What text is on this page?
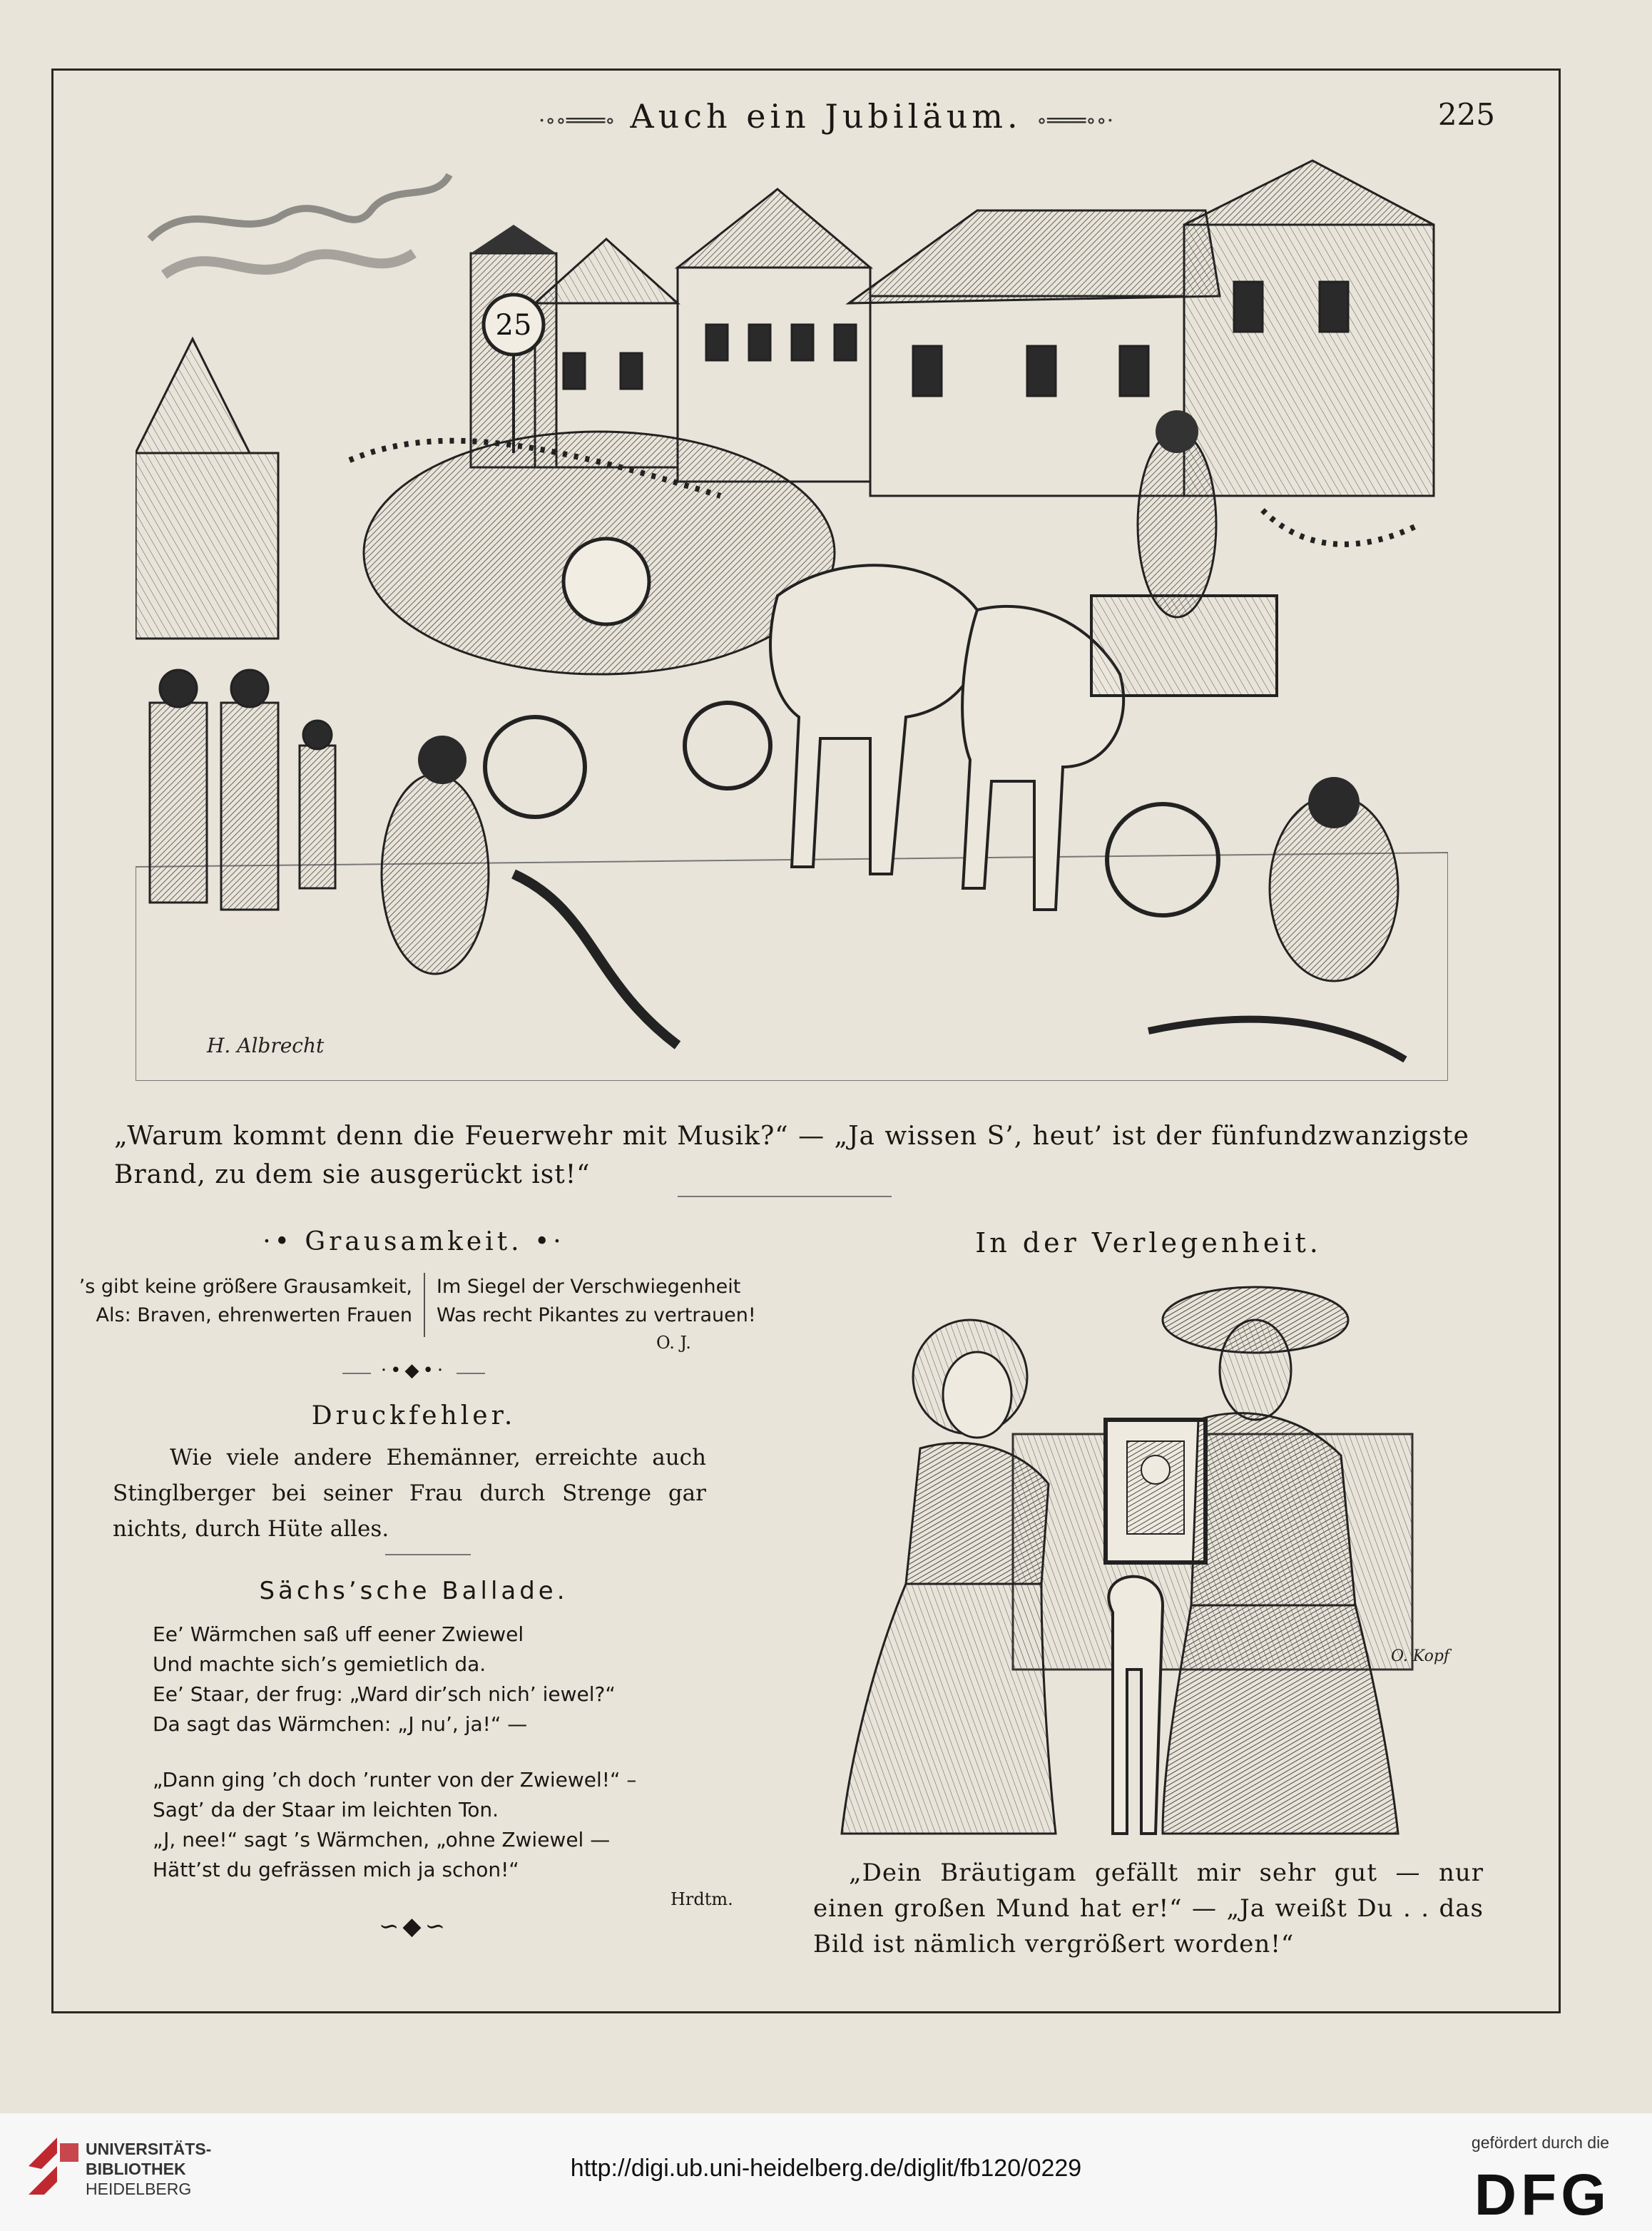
·∘∘═══∘ Auch ein Jubiläum. ∘═══∘∘·	225
25
H. Albrecht
„Warum kommt denn die Feuerwehr mit Musik?“ — „Ja wissen S’, heut’ ist der fünfundzwanzigste Brand, zu dem sie ausgerückt ist!“
·• Grausamkeit. •·
’s gibt keine größere Grausamkeit,
Als: Braven, ehrenwerten Frauen
Im Siegel der Verschwiegenheit
Was recht Pikantes zu vertrauen!
O. J.
·•◆•·
Druckfehler.
Wie viele andere Ehemänner, erreichte auch Stinglberger bei seiner Frau durch Strenge gar nichts, durch Hüte alles.
Sächs’sche Ballade.
Ee’ Wärmchen saß uff eener Zwiewel
Und machte sich’s gemietlich da.
Ee’ Staar, der frug: „Ward dir’sch nich’ iewel?“
Da sagt das Wärmchen: „J nu’, ja!“ —
„Dann ging ’ch doch ’runter von der Zwiewel!“ –
Sagt’ da der Staar im leichten Ton.
„J, nee!“ sagt ’s Wärmchen, „ohne Zwiewel —
Hätt’st du gefrässen mich ja schon!“
Hrdtm.
∽◆∽
In der Verlegenheit.
O. Kopf
„Dein Bräutigam gefällt mir sehr gut — nur einen großen Mund hat er!“ — „Ja weißt Du . . das Bild ist nämlich vergrößert worden!“
UNIVERSITÄTS-
BIBLIOTHEK
HEIDELBERG
http://digi.ub.uni-heidelberg.de/diglit/fb120/0229
gefördert durch die
DFG
